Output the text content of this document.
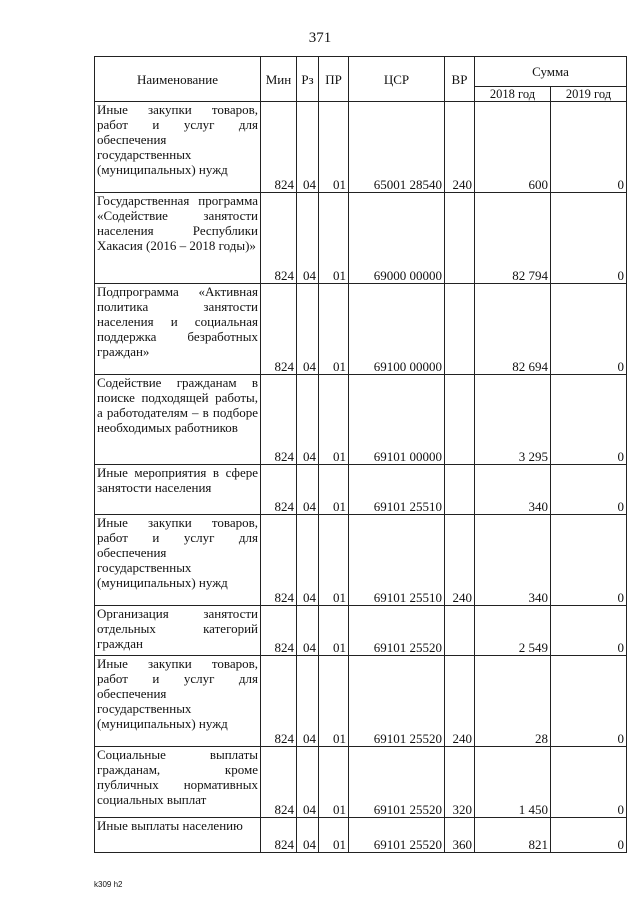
371
Наименование	Мин	Рз	ПР	ЦСР	ВР	Сумма	
						2018 год	2019 год
Иные закупки товаров, работ и услуг для обеспечения государственных (муниципальных) нужд	824	04	01	65001 28540	240	600	0
Государственная программа «Содействие занятости населения Республики Хакасия (2016 – 2018 годы)»	824	04	01	69000 00000		82 794	0
Подпрограмма «Активная политика занятости населения и социальная поддержка безработных граждан»	824	04	01	69100 00000		82 694	0
Содействие гражданам в поиске подходящей работы, а работодателям – в подборе необходимых работников	824	04	01	69101 00000		3 295	0
Иные мероприятия в сфере занятости населения	824	04	01	69101 25510		340	0
Иные закупки товаров, работ и услуг для обеспечения государственных (муниципальных) нужд	824	04	01	69101 25510	240	340	0
Организация занятости отдельных категорий граждан	824	04	01	69101 25520		2 549	0
Иные закупки товаров, работ и услуг для обеспечения государственных (муниципальных) нужд	824	04	01	69101 25520	240	28	0
Социальные выплаты гражданам, кроме публичных нормативных социальных выплат	824	04	01	69101 25520	320	1 450	0
Иные выплаты населению	824	04	01	69101 25520	360	821	0
k309 h2
